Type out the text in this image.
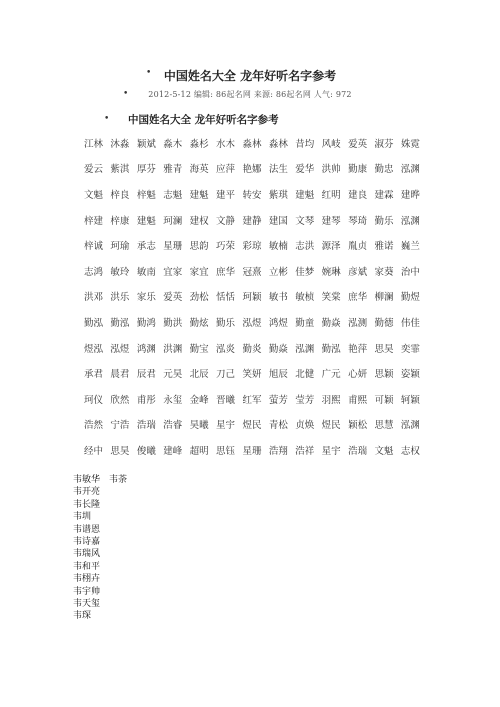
•	中国姓名大全 龙年好听名字参考
•	2012-5-12 编辑: 86起名网 来源: 86起名网 人气: 972
• 中国姓名大全 龙年好听名字参考
江林 沐淼 颖斌 淼木 淼杉 水木 淼林 淼林 昔均 风岐 爱英 淑芬 姝霓
爱云 紫淇 厚芬 雅青 海英 应萍 艳娜 法生 爱华 洪帅 勤康 勤忠 泓渊
文魁 梓良 梓魁 志魁 建魁 建平 转安 紫琪 建魁 红明 建良 建霖 建晔
梓建 梓康 建魁 珂澜 建权 文静 建静 建国 文琴 建琴 琴琦 勤乐 泓渊
梓诚 珂瑜 承志 星珊 思韵 巧荣 彩琼 敏楠 志洪 源泽 胤贞 雅诺 巍兰
志鸿 敏玲 敏南 宜家 家宜 庶华 冠熹 立彬 佳梦 婉琳 彦斌 家葵 治中
洪邓 洪乐 家乐 爱英 劲松 恬恬 珂颖 敏书 敏桢 笑棠 庶华 柳澜 勤煜
勤泓 勤泓 勤鸿 勤洪 勤炫 勤乐 泓煜 鸿煜 勤童 勤焱 泓测 勤德 伟佳
煜泓 泓煜 鸿渊 洪渊 勤宝 泓炎 勤炎 勤焱 泓渊 勤泓 艳萍 思昊 奕霏
承君 晨君 辰君 元昊 北辰 刀己 笑妍 旭辰 北健 广元 心妍 思颖 姿颖
珂仪 欣然 甫彤 永玺 金峰 晋曦 红军 萤芳 莹芳 羽熙 甫熙 可颖 轲颖
浩然 宁浩 浩瑞 浩睿 昊曦 星宇 煜民 青松 贞焕 煜民 颖松 思慧 泓渊
经中 思昊 俊曦 建峰 超明 思钰 星珊 浩翔 浩祥 星宇 浩瑞 文魁 志权
韦敏华 韦荼
韦开亮
韦长隆
韦圳
韦谱恩
韦诗嘉
韦瑞风
韦和平
韦栩卉
韦宇帅
韦天玺
韦琛
